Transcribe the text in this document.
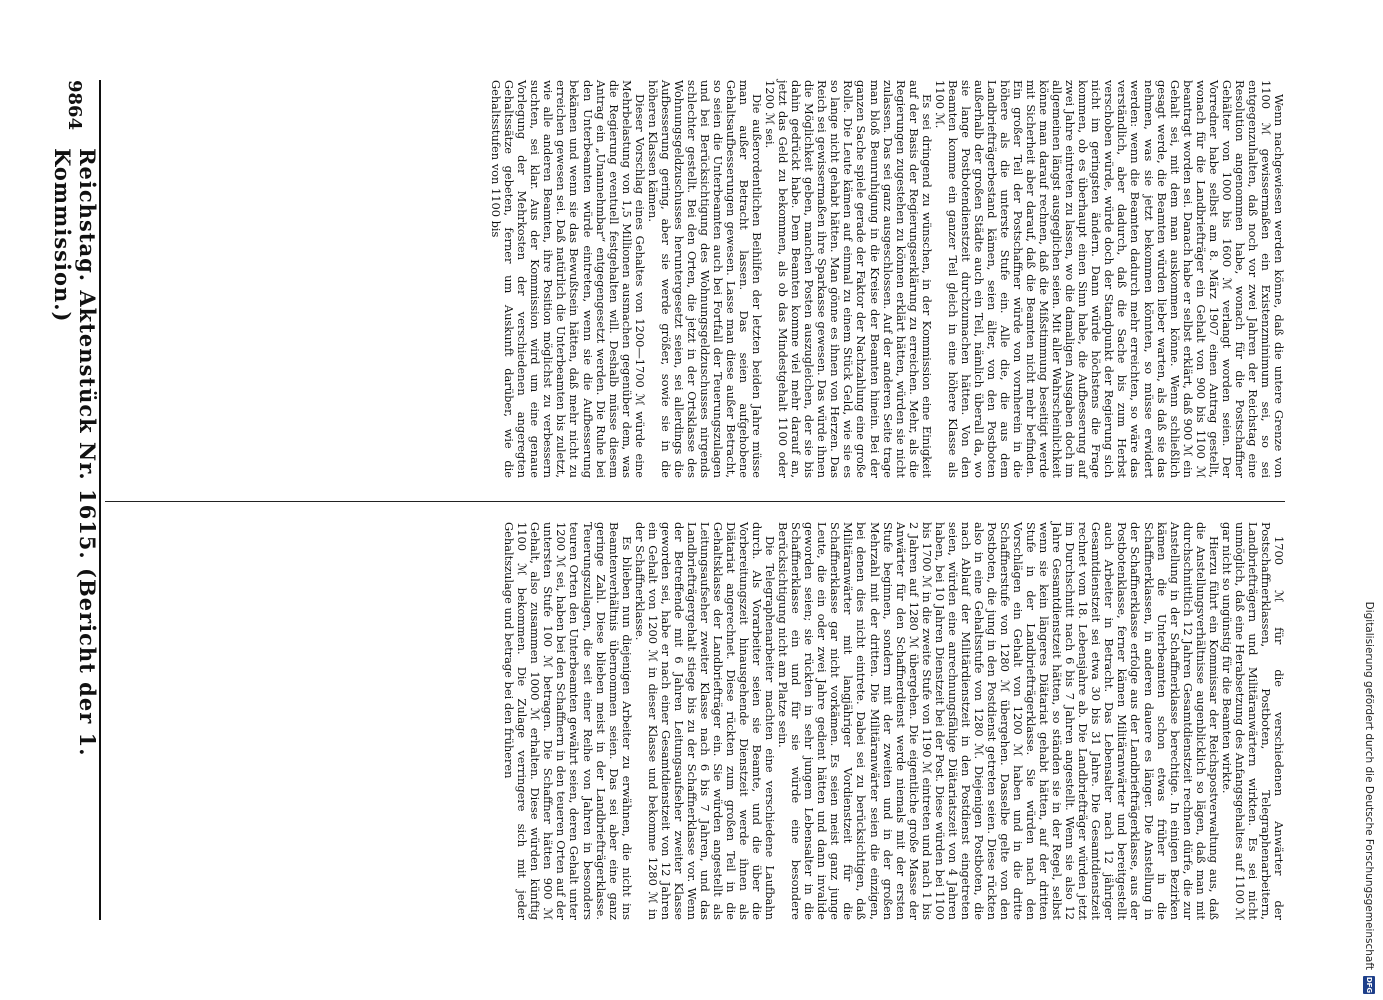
9864
Reichstag. Aktenstück Nr. 1615. (Bericht der 1. Kommission.)	Wenn nachgewiesen werden könne, daß die untere Grenze von 1100 ℳ gewissermaßen ein Existenzminimum sei, so sei entgegenzuhalten, daß noch vor zwei Jahren der Reichstag eine Resolution angenommen habe, wonach für die Postschaffner Gehälter von 1000 bis 1600 ℳ verlangt worden seien. Der Vorredner habe selbst am 8. März 1907 einen Antrag gestellt, wonach für die Landbriefträger ein Gehalt von 900 bis 1100 ℳ beantragt worden sei. Danach habe er selbst erklärt, daß 900 ℳ ein Gehalt sei, mit dem man auskommen könne. Wenn schließlich gesagt werde, die Beamten würden lieber warten, als daß sie das nehmen, was sie jetzt bekommen könnten, so müsse erwidert werden: wenn die Beamten dadurch mehr erreichten, so wäre das verständlich, aber dadurch, daß die Sache bis zum Herbst verschoben würde, würde doch der Standpunkt der Regierung sich nicht im geringsten ändern. Dann würde höchstens die Frage kommen, ob es überhaupt einen Sinn habe, die Aufbesserung auf zwei Jahre eintreten zu lassen, wo die damaligen Ausgaben doch im allgemeinen längst ausgeglichen seien. Mit aller Wahrscheinlichkeit könne man darauf rechnen, daß die Mißstimmung beseitigt werde mit Sicherheit aber darauf, daß die Beamten nicht mehr befinden. Ein großer Teil der Postschaffner würde von vornherein in die höhere als die unterste Stufe ein. Alle die, die aus dem Landbriefträgerbestand kämen, seien älter, von den Postboten außerhalb der großen Städte auch ein Teil, nämlich überall da, wo sie lange Postbotendienstzeit durchzumachen hätten. Von den Beamten komme ein ganzer Teil gleich in eine höhere Klasse als 1100 ℳ.

Es sei dringend zu wünschen, in der Kommission eine Einigkeit auf der Basis der Regierungserklärung zu erreichen. Mehr, als die Regierungen zugestehen zu können erklärt hätten, würden sie nicht zulassen. Das sei ganz ausgeschlossen. Auf der anderen Seite trage man bloß Beunruhigung in die Kreise der Beamten hinein. Bei der ganzen Sache spiele gerade der Faktor der Nachzahlung eine große Rolle. Die Leute kämen auf einmal zu einem Stück Geld, wie sie es so lange nicht gehabt hätten. Man gönne es ihnen von Herzen. Das Reich sei gewissermaßen ihre Sparkasse gewesen. Das würde ihnen die Möglichkeit geben, manchen Posten auszugleichen, der sie bis dahin gedrückt habe. Dem Beamten komme viel mehr darauf an, jetzt das Geld zu bekommen, als ob das Mindestgehalt 1100 oder 1200 ℳ sei.

Die außerordentlichen Beihilfen der letzten beiden Jahre müsse man außer Betracht lassen. Das seien aufgehobene Gehaltsaufbesserungen gewesen. Lasse man diese außer Betracht, so seien die Unterbeamten auch bei Fortfall der Teuerungszulagen und bei Berücksichtigung des Wohnungsgeldzuschusses nirgends schlechter gestellt. Bei den Orten, die jetzt in der Ortsklasse des Wohnungsgeldzuschusses heruntergesetzt seien, sei allerdings die Aufbesserung gering, aber sie werde größer, sowie sie in die höheren Klassen kämen.

Dieser Vorschlag eines Gehaltes von 1200—1700 ℳ würde eine Mehrbelastung von 1,5 Millionen ausmachen gegenüber dem, was die Regierung eventuell festgehalten will. Deshalb müsse diesem Antrag ein „Unannehmbar“ entgegengesetzt werden. Die Ruhe bei den Unterbeamten würde eintreten, wenn sie die Aufbesserung bekämen und wenn sie das Bewußtsein hätten, daß mehr nicht zu erreichen gewesen sei. Daß natürlich die Unterbeamten bis zuletzt, wie alle anderen Beamten, ihre Position möglichst zu verbessern suchten, sei klar. Aus der Kommission wird um eine genaue Vorlegung der Mehrkosten der verschiedenen angeregten Gehaltssätze gebeten, ferner um Auskunft darüber, wie die Gehaltsstufen von 1100 bis

1700 ℳ für die verschiedenen Anwärter der Postschaffnerklassen, Postboten, Telegraphenarbeitern, Landbriefträgern und Militäranwärtern wirkten. Es sei nicht unmöglich, daß eine Herabsetzung des Anfangsgehaltes auf 1100 ℳ gar nicht so ungünstig für die Beamten wirkte.

Hierzu führt ein Kommissar der Reichspostverwaltung aus, daß die Anstellungsverhältnisse augenblicklich so lägen, daß man mit durchschnittlich 12 Jahren Gesamtdienstzeit rechnen dürfe, die zur Anstellung in der Schaffnerklasse berechtige. In einigen Bezirken kämen die Unterbeamten schon etwas früher in die Schaffnerklassen, in anderen dauere es länger. Die Anstellung in der Schaffnerklasse erfolge aus der Landbriefträgerklasse, aus der Postbotenklasse, ferner kämen Militäranwärter und bereitgestellt auch Arbeiter in Betracht. Das Lebensalter nach 12 jähriger Gesamtdienstzeit sei etwa 30 bis 31 Jahre. Die Gesamtdienstzeit rechnet vom 18. Lebensjahre ab. Die Landbriefträger würden jetzt im Durchschnitt nach 6 bis 7 Jahren angestellt. Wenn sie also 12 Jahre Gesamtdienstzeit hätten, so ständen sie in der Regel, selbst wenn sie kein längeres Diätariat gehabt hätten, auf der dritten Stufe in der Landbriefträgerklasse. Sie würden nach den Vorschlägen ein Gehalt von 1200 ℳ haben und in die dritte Schaffnerstufe von 1280 ℳ übergehen. Dasselbe gelte von den Postboten, die jung in den Postdienst getreten seien. Diese rückten also in eine Gehaltsstufe von 1280 ℳ. Diejenigen Postboten, die nach Ablauf der Militärdienstzeit in den Postdienst eingetreten seien, würden eine anrechnungsfähige Diätariatszeit von 4 Jahren haben, bei 10 Jahren Dienstzeit bei der Post. Diese würden bei 1100 bis 1700 ℳ in die zweite Stufe von 1190 ℳ eintreten und nach 1 bis 2 Jahren auf 1280 ℳ übergehen. Die eigentliche große Masse der Anwärter für den Schaffnerdienst werde niemals mit der ersten Stufe beginnen, sondern mit der zweiten und in der großen Mehrzahl mit der dritten. Die Militäranwärter seien die einzigen, bei denen dies nicht eintrete. Dabei sei zu berücksichtigen, daß Militäranwärter mit langjähriger Vordienstzeit für die Schaffnerklasse gar nicht vorkämen. Es seien meist ganz junge Leute, die ein oder zwei Jahre gedient hätten und dann invalide geworden seien; sie rückten in sehr jungem Lebensalter in die Schaffnerklasse ein und für sie würde eine besondere Berücksichtigung nicht am Platze sein.

Die Telegraphenarbeiter machten eine verschiedene Laufbahn durch. Als Vorarbeiter seien sie Beamte, und die über die Vorbereitungszeit hinausgehende Dienstzeit werde ihnen als Diätariat angerechnet. Diese rückten zum großen Teil in die Gehaltsklasse der Landbriefträger ein. Sie würden angestellt als Leitungsaufseher zweiter Klasse nach 6 bis 7 Jahren, und das Landbriefträgergehalt stiege bis zu der Schaffnerklasse vor. Wenn der Betreffende mit 6 Jahren Leitungsaufseher zweiter Klasse geworden sei, habe er nach einer Gesamtdienstzeit von 12 Jahren ein Gehalt von 1200 ℳ in dieser Klasse und bekomme 1280 ℳ in der Schaffnerklasse.

Es blieben nun diejenigen Arbeiter zu erwähnen, die nicht ins Beamtenverhältnis übernommen seien. Das sei aber eine ganz geringe Zahl. Diese blieben meist in der Landbriefträgerklasse. Teuerungszulagen, die seit einer Reihe von Jahren in besonders teuren Orten den Unterbeamten gewährt seien, deren Gehalt unter 1200 ℳ sei, haben bei den Schaffnern in den teueren Orten auf der untersten Stufe 100 ℳ betragen. Die Schaffner hätten 900 ℳ Gehalt, also zusammen 1000 ℳ erhalten. Diese würden künftig 1100 ℳ bekommen. Die Zulage verringere sich mit jeder Gehaltszulage und betrage bei den früheren	Digitalisierung gefördert durch die Deutsche Forschungsgemeinschaft
DFG
